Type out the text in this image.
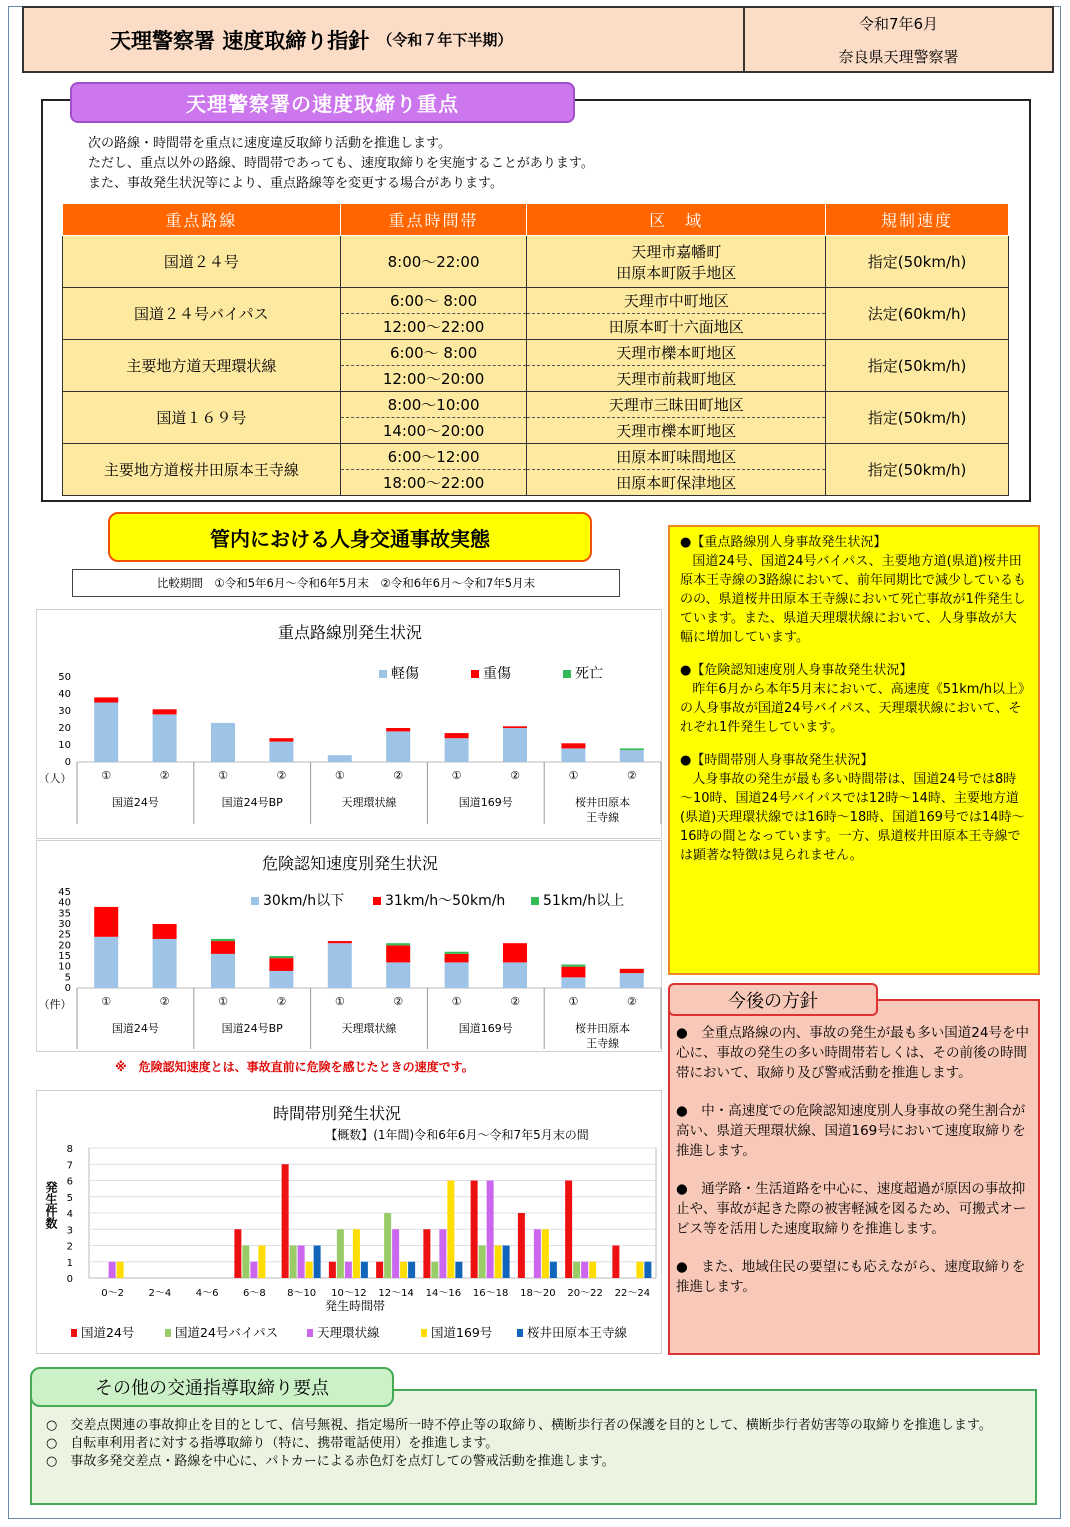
天理警察署 速度取締り指針 （令和７年下半期）
令和7年6月
奈良県天理警察署
天理警察署の速度取締り重点
次の路線・時間帯を重点に速度違反取締り活動を推進します。
ただし、重点以外の路線、時間帯であっても、速度取締りを実施することがあります。
また、事故発生状況等により、重点路線等を変更する場合があります。
重点路線	重点時間帯	区　域	規制速度
国道２４号	8:00～22:00	天理市嘉幡町
田原本町阪手地区	指定(50km/h)
国道２４号バイパス	6:00～ 8:00	天理市中町地区	法定(60km/h)
	12:00～22:00	田原本町十六面地区	
主要地方道天理環状線	6:00～ 8:00	天理市櫟本町地区	指定(50km/h)
	12:00～20:00	天理市前栽町地区	
国道１６９号	8:00～10:00	天理市三昧田町地区	指定(50km/h)
	14:00～20:00	天理市櫟本町地区	
主要地方道桜井田原本王寺線	6:00～12:00	田原本町味間地区	指定(50km/h)
	18:00～22:00	田原本町保津地区	
管内における人身交通事故実態
比較期間　①令和5年6月～令和6年5月末　②令和6年6月～令和7年5月末
重点路線別発生状況
軽傷	重傷	死亡
0
10
20
30
40
50
（人）	①	②
国道24号
①	②
国道24号BP
①	②
天理環状線
①	②
国道169号
①	②
桜井田原本
王寺線
危険認知速度別発生状況
30km/h以下	31km/h～50km/h	51km/h以上
0
5
10
15
20
25
30
35
40
45
（件）	①	②
国道24号
①	②
国道24号BP
①	②
天理環状線
①	②
国道169号
①	②
桜井田原本
王寺線
※　危険認知速度とは、事故直前に危険を感じたときの速度です。
時間帯別発生状況
【概数】(1年間)令和6年6月～令和7年5月末の間
0
1
2
3
4
5
6
7
8
発生件数
0～2 2～4 4～6 6～8 8～10 10～12 12～14 14～16 16～18 18～20 20～22 22～24
発生時間帯
国道24号	国道24号バイパス	天理環状線	国道169号	桜井田原本王寺線

●【重点路線別人身事故発生状況】
国道24号、国道24号バイパス、主要地方道(県道)桜井田原本王寺線の3路線において、前年同期比で減少しているものの、県道桜井田原本王寺線において死亡事故が1件発生しています。また、県道天理環状線において、人身事故が大幅に増加しています。

●【危険認知速度別人身事故発生状況】
昨年6月から本年5月末において、高速度《51km/h以上》の人身事故が国道24号バイパス、天理環状線において、それぞれ1件発生しています。

●【時間帯別人身事故発生状況】
人身事故の発生が最も多い時間帯は、国道24号では8時～10時、国道24号バイパスでは12時～14時、主要地方道(県道)天理環状線では16時～18時、国道169号では14時～16時の間となっています。一方、県道桜井田原本王寺線では顕著な特徴は見られません。

●　全重点路線の内、事故の発生が最も多い国道24号を中心に、事故の発生の多い時間帯若しくは、その前後の時間帯において、取締り及び警戒活動を推進します。

●　中・高速度での危険認知速度別人身事故の発生割合が高い、県道天理環状線、国道169号において速度取締りを推進します。

●　通学路・生活道路を中心に、速度超過が原因の事故抑止や、事故が起きた際の被害軽減を図るため、可搬式オービス等を活用した速度取締りを推進します。

●　また、地域住民の要望にも応えながら、速度取締りを推進します。

今後の方針
○　交差点関連の事故抑止を目的として、信号無視、指定場所一時不停止等の取締り、横断歩行者の保護を目的として、横断歩行者妨害等の取締りを推進します。
○　自転車利用者に対する指導取締り（特に、携帯電話使用）を推進します。
○　事故多発交差点・路線を中心に、パトカーによる赤色灯を点灯しての警戒活動を推進します。
その他の交通指導取締り要点
